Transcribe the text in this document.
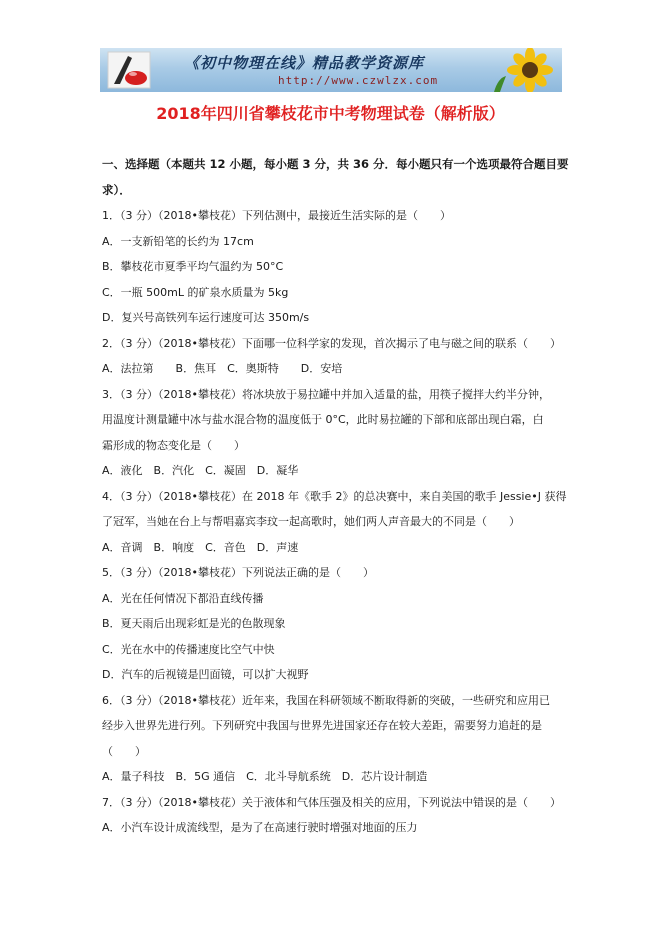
《初中物理在线》精品教学资源库
http://www.czwlzx.com
2018年四川省攀枝花市中考物理试卷（解析版）
一、选择题（本题共 12 小题，每小题 3 分，共 36 分．每小题只有一个选项最符合题目要
求）．
1．（3 分）（2018•攀枝花）下列估测中，最接近生活实际的是（　　）
A．一支新铅笔的长约为 17cm
B．攀枝花市夏季平均气温约为 50°C
C．一瓶 500mL 的矿泉水质量为 5kg
D．复兴号高铁列车运行速度可达 350m/s
2．（3 分）（2018•攀枝花）下面哪一位科学家的发现，首次揭示了电与磁之间的联系（　　）
A．法拉第　　B．焦耳　C．奥斯特　　D．安培
3．（3 分）（2018•攀枝花）将冰块放于易拉罐中并加入适量的盐，用筷子搅拌大约半分钟，
用温度计测量罐中冰与盐水混合物的温度低于 0°C，此时易拉罐的下部和底部出现白霜，白
霜形成的物态变化是（　　）
A．液化　B．汽化　C．凝固　D．凝华
4．（3 分）（2018•攀枝花）在 2018 年《歌手 2》的总决赛中，来自美国的歌手 Jessie•J 获得
了冠军，当她在台上与帮唱嘉宾李玟一起高歌时，她们两人声音最大的不同是（　　）
A．音调　B．响度　C．音色　D．声速
5．（3 分）（2018•攀枝花）下列说法正确的是（　　）
A．光在任何情况下都沿直线传播
B．夏天雨后出现彩虹是光的色散现象
C．光在水中的传播速度比空气中快
D．汽车的后视镜是凹面镜，可以扩大视野
6．（3 分）（2018•攀枝花）近年来，我国在科研领域不断取得新的突破，一些研究和应用已
经步入世界先进行列。下列研究中我国与世界先进国家还存在较大差距，需要努力追赶的是
（　　）
A．量子科技　B．5G 通信　C．北斗导航系统　D．芯片设计制造
7．（3 分）（2018•攀枝花）关于液体和气体压强及相关的应用，下列说法中错误的是（　　）
A．小汽车设计成流线型，是为了在高速行驶时增强对地面的压力
